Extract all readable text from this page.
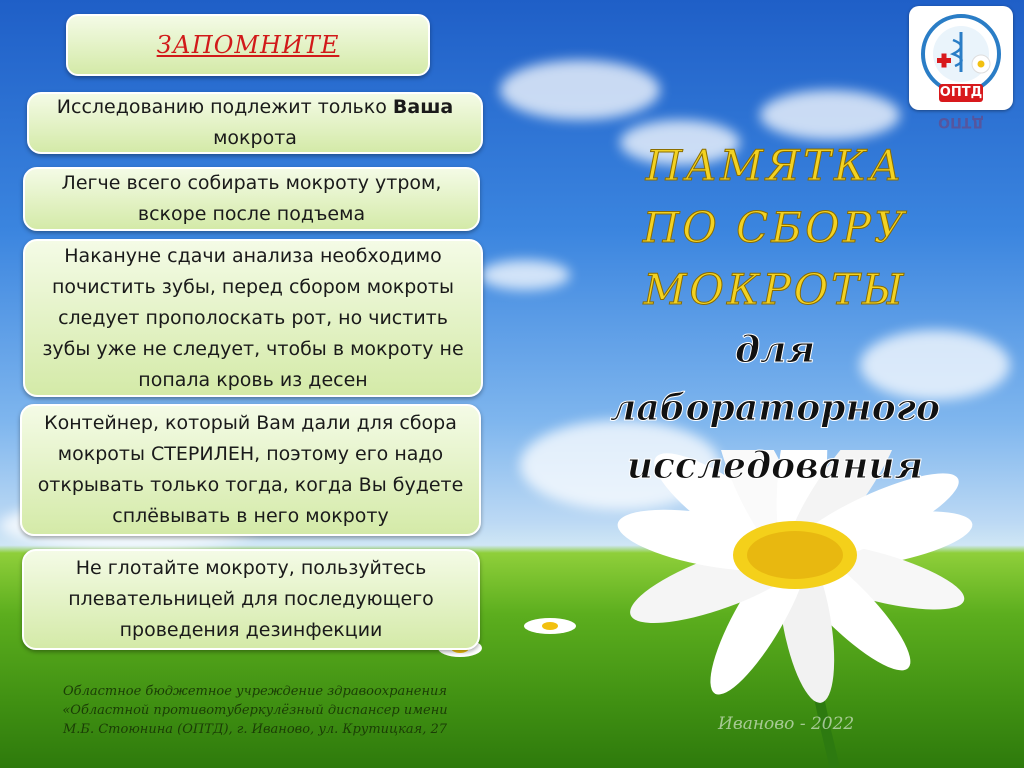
ЗАПОМНИТЕ
Исследованию подлежит только Ваша мокрота
Легче всего собирать мокроту утром, вскоре после подъема
Накануне сдачи анализа необходимо почистить зубы, перед сбором мокроты следует прополоскать рот, но чистить зубы уже не следует, чтобы в мокроту не попала кровь из десен
Контейнер, который Вам дали для сбора мокроты СТЕРИЛЕН, поэтому его надо открывать только тогда, когда Вы будете сплёвывать в него мокроту
Не глотайте мокроту, пользуйтесь плевательницей для последующего проведения дезинфекции
ПАМЯТКА
ПО СБОРУ
МОКРОТЫ
для лабораторного
исследования
ОПТД
ОПТД
Областное бюджетное учреждение здравоохранения
«Областной противотуберкулёзный диспансер имени
М.Б. Стоюнина (ОПТД), г. Иваново, ул. Крутицкая, 27	Иваново - 2022
